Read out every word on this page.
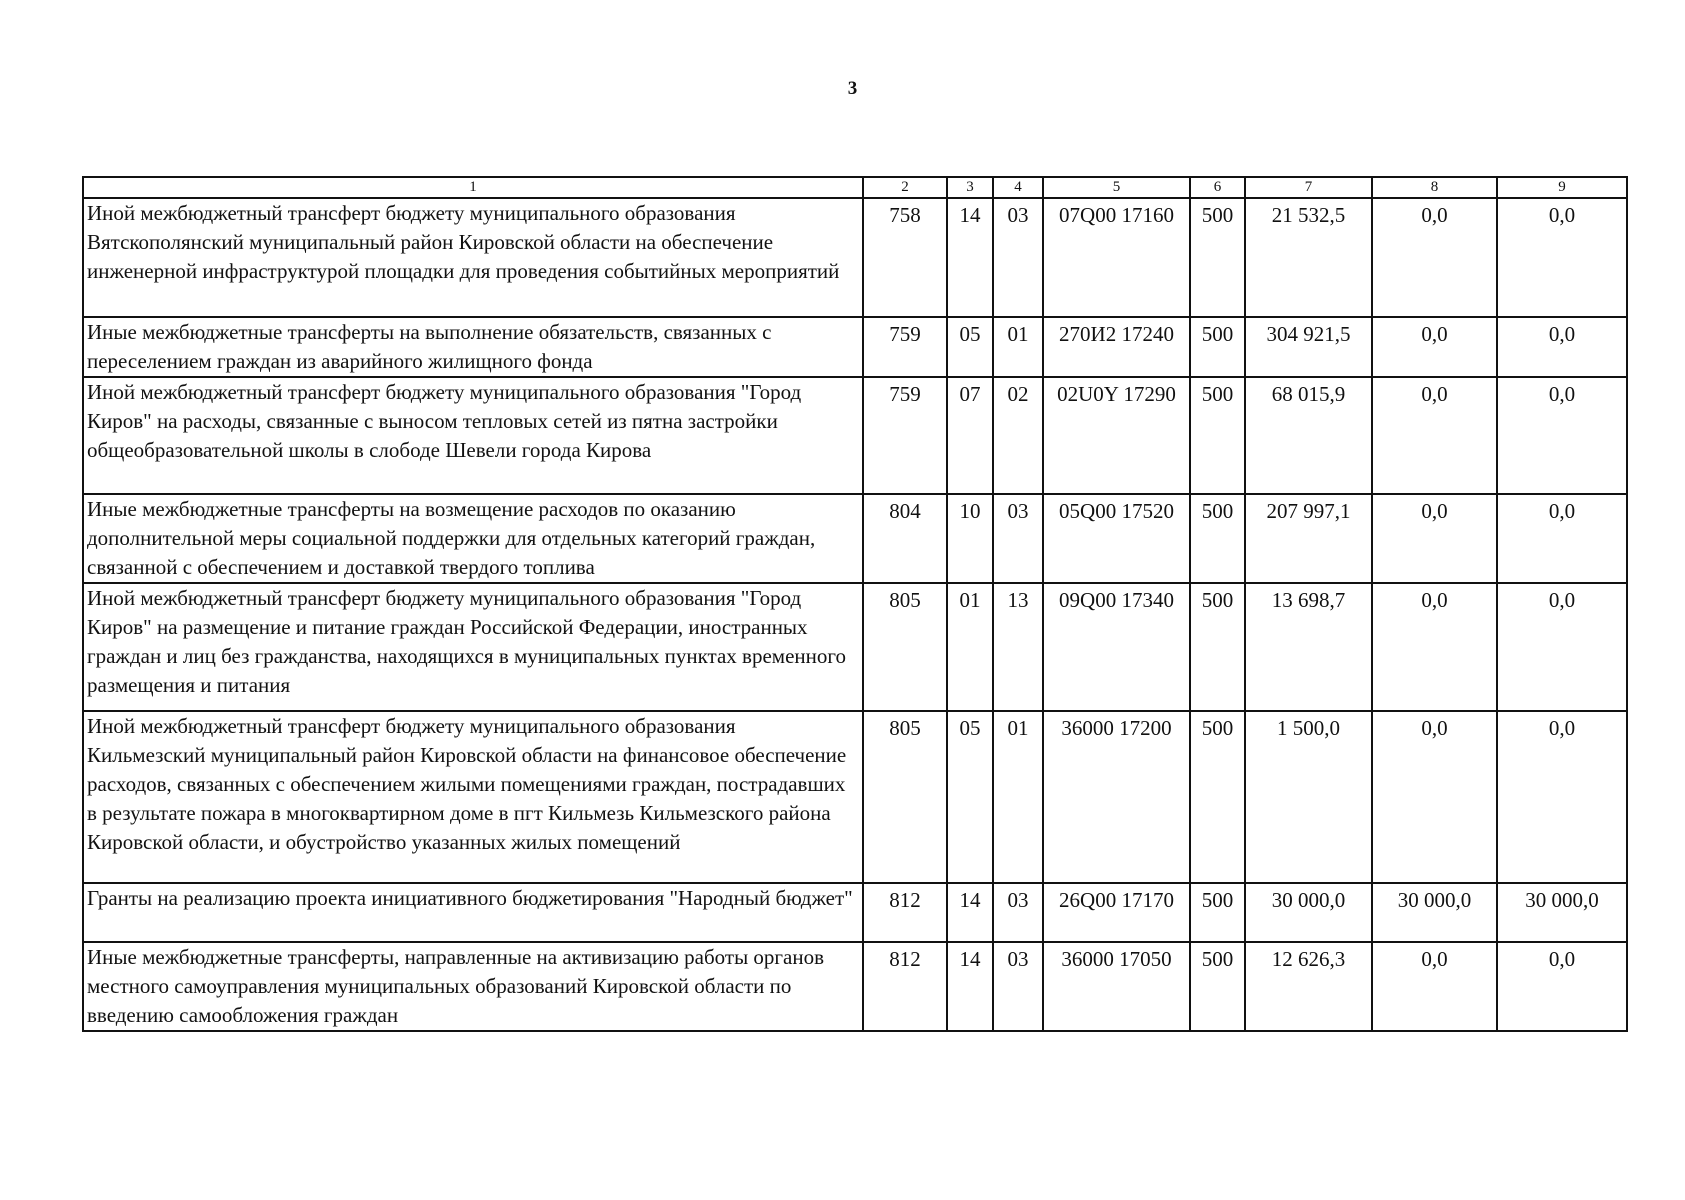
3
1	2	3	4	5	6	7	8	9
Иной межбюджетный трансферт бюджету муниципального образования Вятскополянский муниципальный район Кировской области на обеспечение инженерной инфраструктурой площадки для проведения событийных мероприятий	758	14	03	07Q00 17160	500	21 532,5	0,0	0,0
Иные межбюджетные трансферты на выполнение обязательств, связанных с переселением граждан из аварийного жилищного фонда	759	05	01	270И2 17240	500	304 921,5	0,0	0,0
Иной межбюджетный трансферт бюджету муниципального образования "Город Киров" на расходы, связанные с выносом тепловых сетей из пятна застройки общеобразовательной школы в слободе Шевели города Кирова	759	07	02	02U0Y 17290	500	68 015,9	0,0	0,0
Иные межбюджетные трансферты на возмещение расходов по оказанию дополнительной меры социальной поддержки для отдельных категорий граждан, связанной с обеспечением и доставкой твердого топлива	804	10	03	05Q00 17520	500	207 997,1	0,0	0,0
Иной межбюджетный трансферт бюджету муниципального образования "Город Киров" на размещение и питание граждан Российской Федерации, иностранных граждан и лиц без гражданства, находящихся в муниципальных пунктах временного размещения и питания	805	01	13	09Q00 17340	500	13 698,7	0,0	0,0
Иной межбюджетный трансферт бюджету муниципального образования Кильмезский муниципальный район Кировской области на финансовое обеспечение расходов, связанных с обеспечением жилыми помещениями граждан, пострадавших в результате пожара в многоквартирном доме в пгт Кильмезь Кильмезского района Кировской области, и обустройство указанных жилых помещений	805	05	01	36000 17200	500	1 500,0	0,0	0,0
Гранты на реализацию проекта инициативного бюджетирования "Народный бюджет"	812	14	03	26Q00 17170	500	30 000,0	30 000,0	30 000,0
Иные межбюджетные трансферты, направленные на активизацию работы органов местного самоуправления муниципальных образований Кировской области по введению самообложения граждан	812	14	03	36000 17050	500	12 626,3	0,0	0,0
